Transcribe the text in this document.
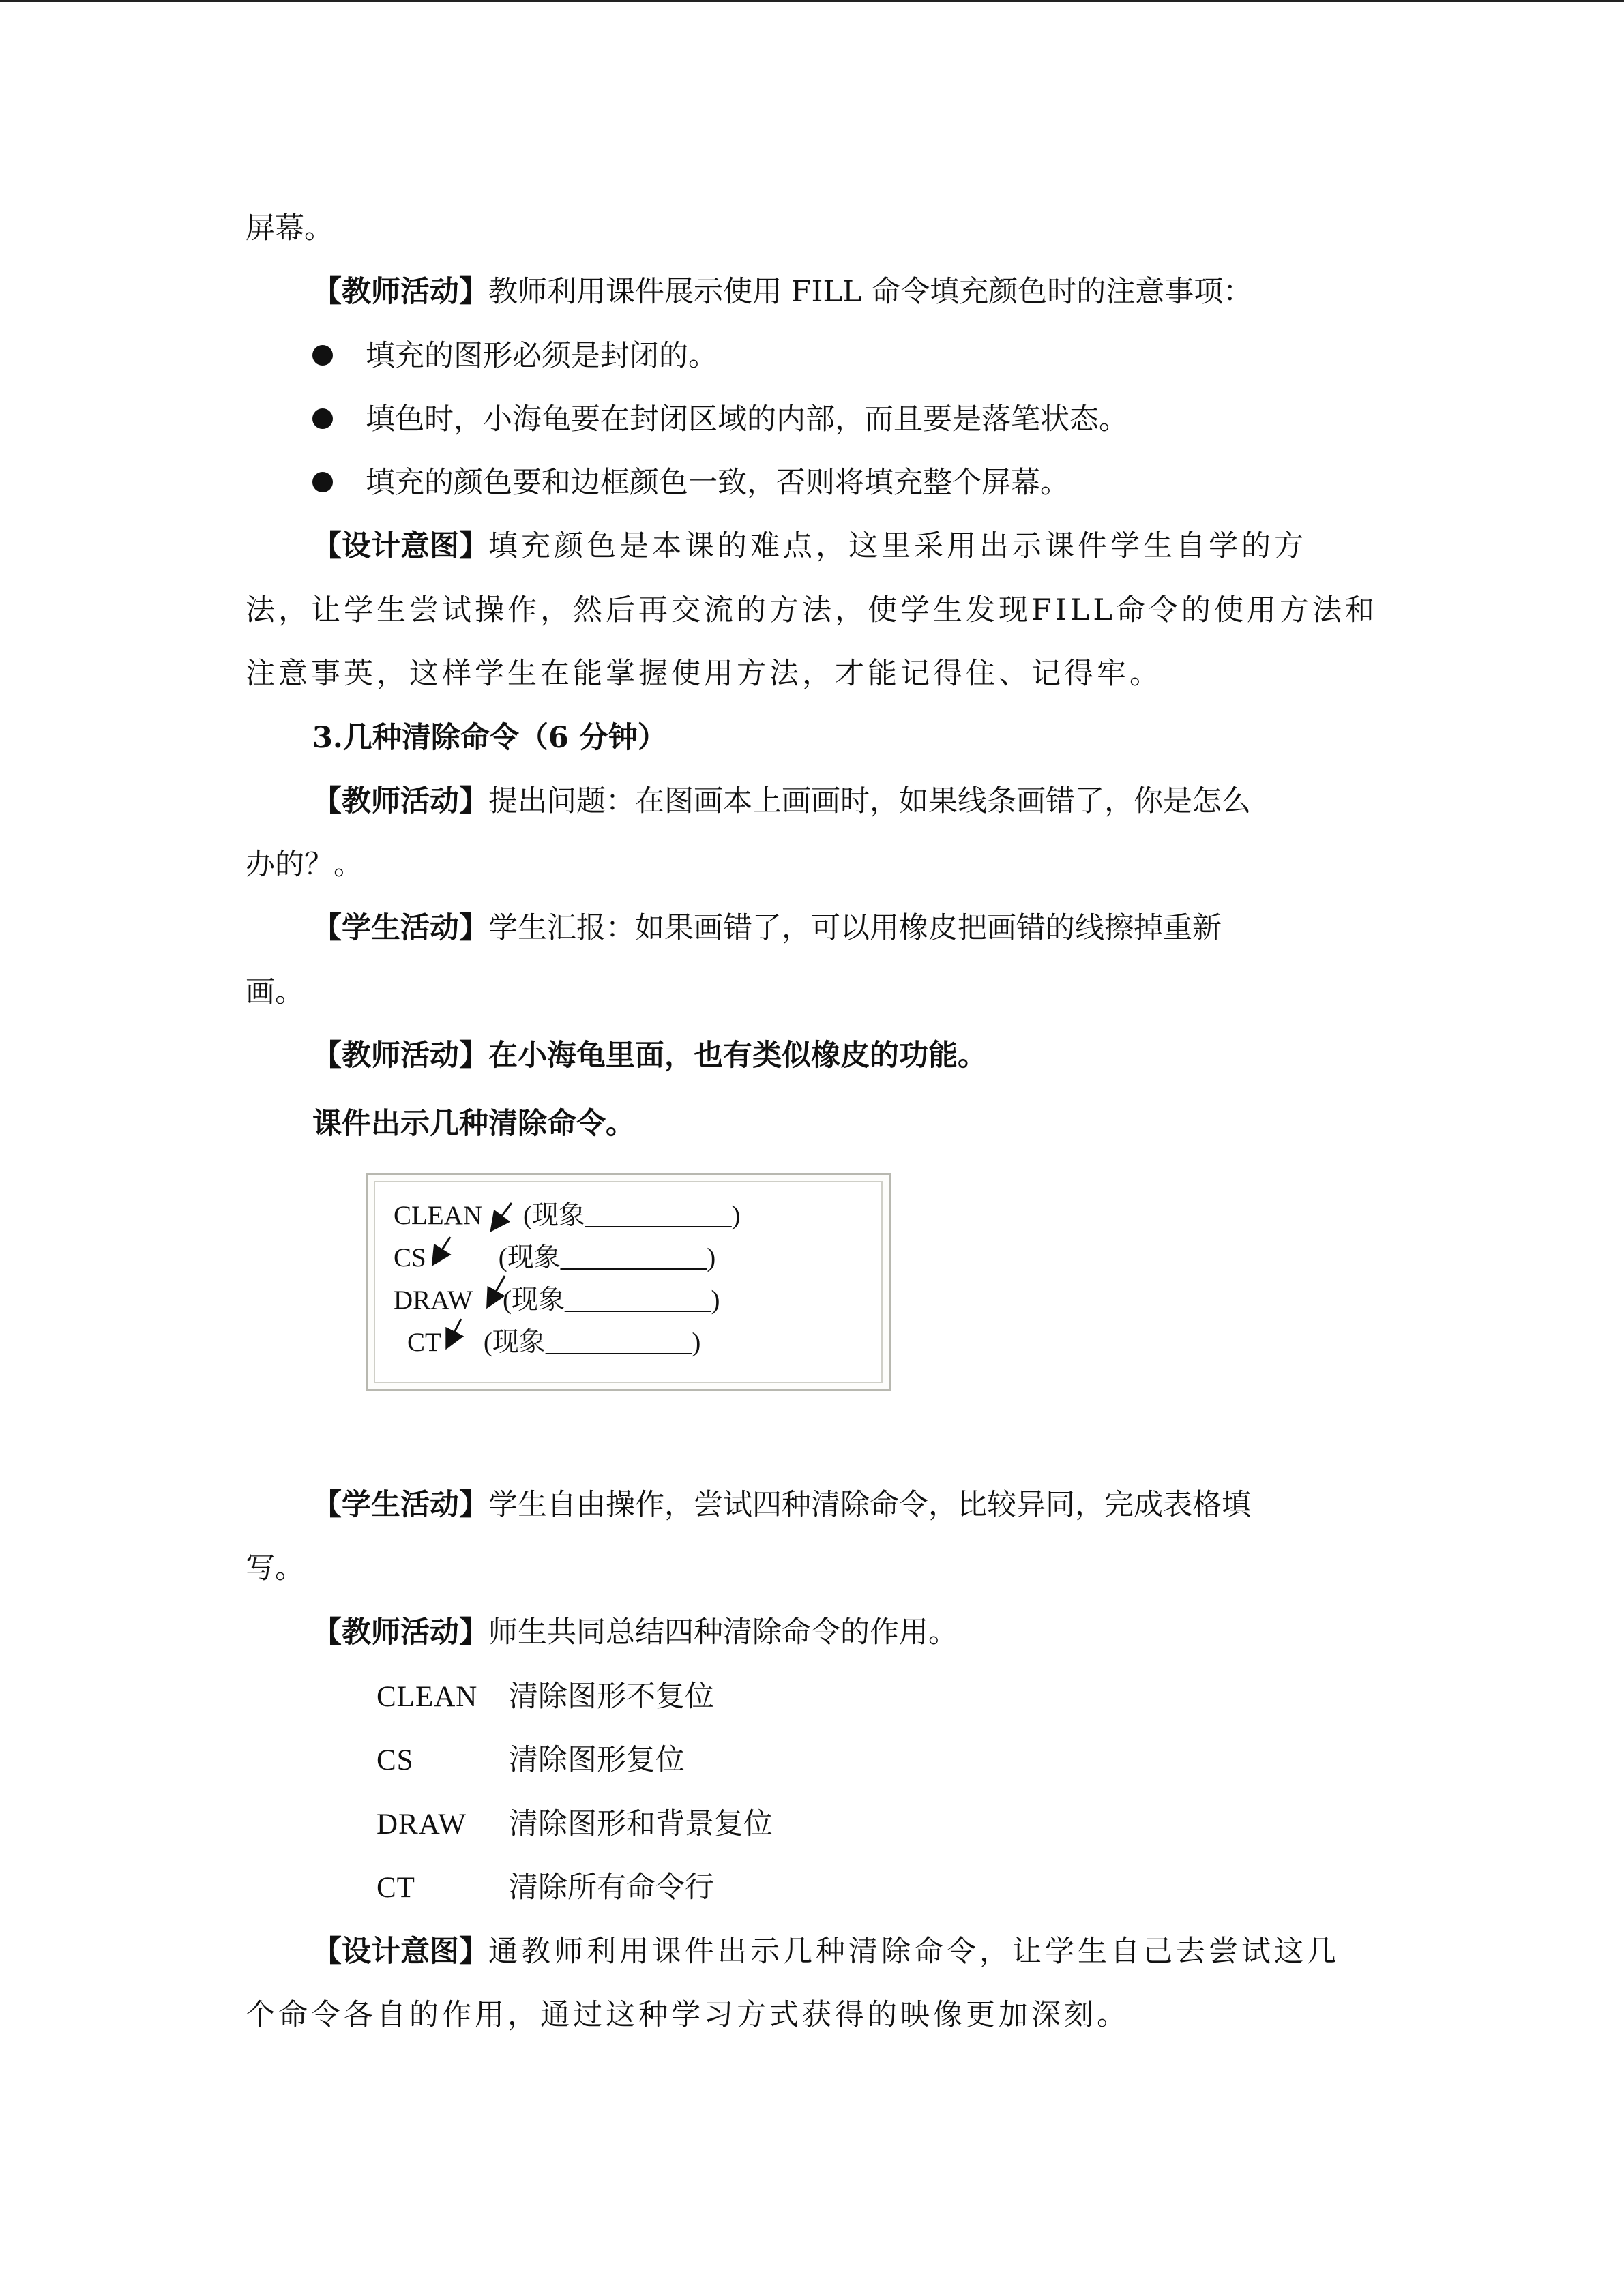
屏幕。
【教师活动】教师利用课件展示使用 FILL 命令填充颜色时的注意事项：
填充的图形必须是封闭的。
填色时，小海龟要在封闭区域的内部，而且要是落笔状态。
填充的颜色要和边框颜色一致，否则将填充整个屏幕。
【设计意图】填充颜色是本课的难点，这里采用出示课件学生自学的方
法，让学生尝试操作，然后再交流的方法，使学生发现FILL命令的使用方法和
注意事英，这样学生在能掌握使用方法，才能记得住、记得牢。
3.几种清除命令（6 分钟）
【教师活动】提出问题：在图画本上画画时，如果线条画错了，你是怎么
办的？。
【学生活动】学生汇报：如果画错了，可以用橡皮把画错的线擦掉重新
画。
【教师活动】在小海龟里面，也有类似橡皮的功能。
课件出示几种清除命令。
CLEAN (现象___________)
CS	(现象___________)
DRAW (现象___________)
CT (现象___________)
【学生活动】学生自由操作，尝试四种清除命令，比较异同，完成表格填
写。
【教师活动】师生共同总结四种清除命令的作用。
CLEAN 清除图形不复位
CS	清除图形复位
DRAW 清除图形和背景复位
CT	清除所有命令行
【设计意图】通教师利用课件出示几种清除命令，让学生自己去尝试这几
个命令各自的作用，通过这种学习方式获得的映像更加深刻。
